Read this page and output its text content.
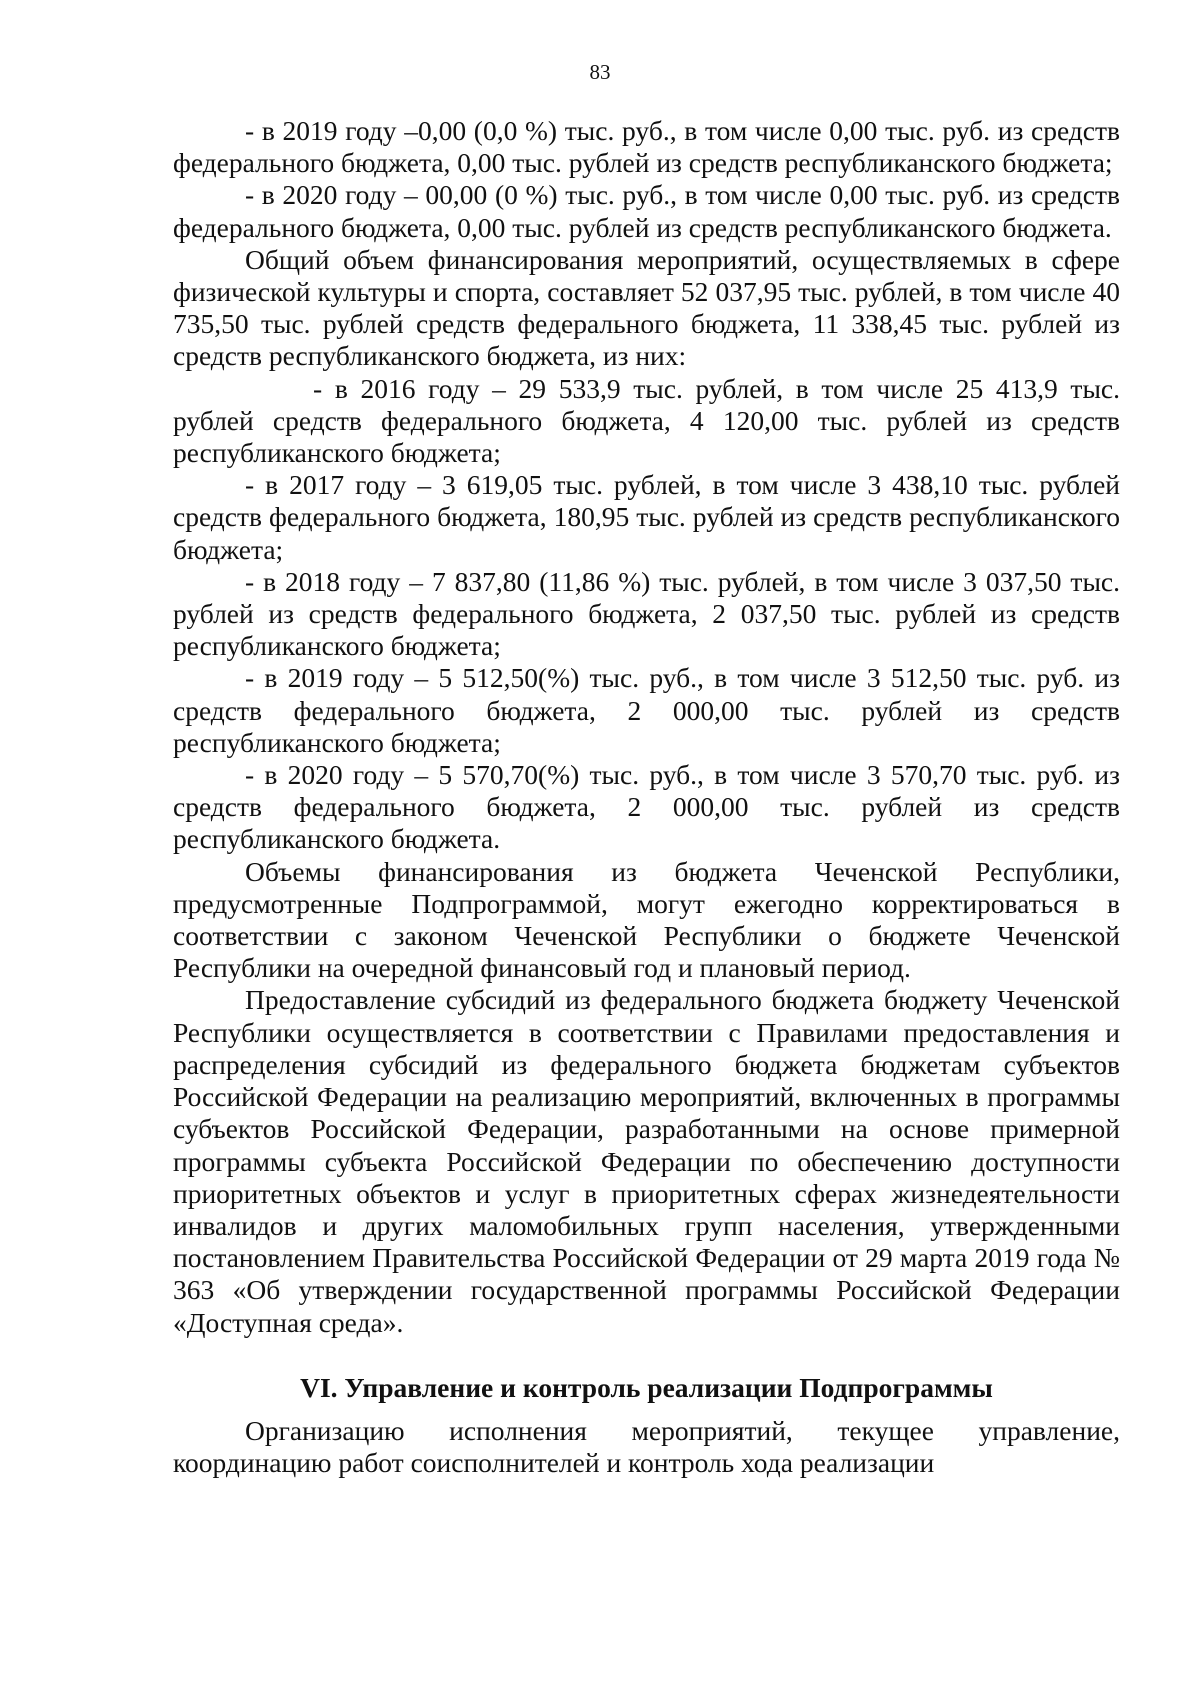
83

- в 2019 году –0,00 (0,0 %) тыс. руб., в том числе 0,00 тыс. руб. из средств федерального бюджета, 0,00 тыс. рублей из средств республиканского бюджета;

- в 2020 году – 00,00 (0 %) тыс. руб., в том числе 0,00 тыс. руб. из средств федерального бюджета, 0,00 тыс. рублей из средств республиканского бюджета.

Общий объем финансирования мероприятий, осуществляемых в сфере физической культуры и спорта, составляет 52 037,95 тыс. рублей, в том числе 40 735,50 тыс. рублей средств федерального бюджета, 11 338,45 тыс. рублей из средств республиканского бюджета, из них:

- в 2016 году – 29 533,9 тыс. рублей, в том числе 25 413,9 тыс. рублей средств федерального бюджета, 4 120,00 тыс. рублей из средств республиканского бюджета;

- в 2017 году – 3 619,05 тыс. рублей, в том числе 3 438,10 тыс. рублей средств федерального бюджета, 180,95 тыс. рублей из средств республиканского бюджета;

- в 2018 году – 7 837,80 (11,86 %) тыс. рублей, в том числе 3 037,50 тыс. рублей из средств федерального бюджета, 2 037,50 тыс. рублей из средств республиканского бюджета;

- в 2019 году – 5 512,50(%) тыс. руб., в том числе 3 512,50 тыс. руб. из средств федерального бюджета, 2 000,00 тыс. рублей из средств республиканского бюджета;

- в 2020 году – 5 570,70(%) тыс. руб., в том числе 3 570,70 тыс. руб. из средств федерального бюджета, 2 000,00 тыс. рублей из средств республиканского бюджета.

Объемы финансирования из бюджета Чеченской Республики, предусмотренные Подпрограммой, могут ежегодно корректироваться в соответствии с законом Чеченской Республики о бюджете Чеченской Республики на очередной финансовый год и плановый период.

Предоставление субсидий из федерального бюджета бюджету Чеченской Республики осуществляется в соответствии с Правилами предоставления и распределения субсидий из федерального бюджета бюджетам субъектов Российской Федерации на реализацию мероприятий, включенных в программы субъектов Российской Федерации, разработанными на основе примерной программы субъекта Российской Федерации по обеспечению доступности приоритетных объектов и услуг в приоритетных сферах жизнедеятельности инвалидов и других маломобильных групп населения, утвержденными постановлением Правительства Российской Федерации от 29 марта 2019 года № 363 «Об утверждении государственной программы Российской Федерации «Доступная среда».

VI. Управление и контроль реализации Подпрограммы

Организацию исполнения мероприятий, текущее управление, координацию работ соисполнителей и контроль хода реализации
